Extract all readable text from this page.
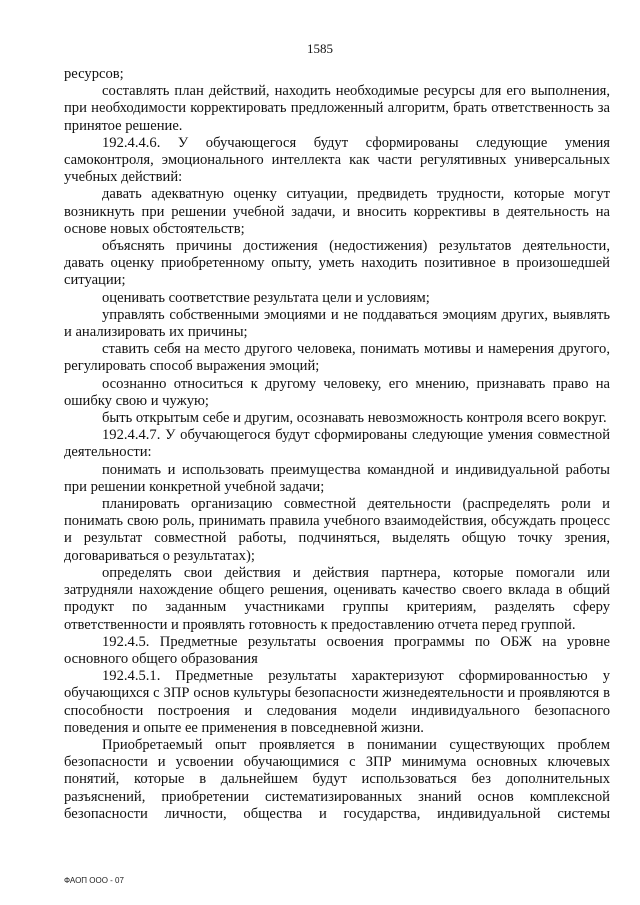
1585

ресурсов;

составлять план действий, находить необходимые ресурсы для его выполнения, при необходимости корректировать предложенный алгоритм, брать ответственность за принятое решение.

192.4.4.6. У обучающегося будут сформированы следующие умения самоконтроля, эмоционального интеллекта как части регулятивных универсальных учебных действий:

давать адекватную оценку ситуации, предвидеть трудности, которые могут возникнуть при решении учебной задачи, и вносить коррективы в деятельность на основе новых обстоятельств;

объяснять причины достижения (недостижения) результатов деятельности, давать оценку приобретенному опыту, уметь находить позитивное в произошедшей ситуации;

оценивать соответствие результата цели и условиям;

управлять собственными эмоциями и не поддаваться эмоциям других, выявлять и анализировать их причины;

ставить себя на место другого человека, понимать мотивы и намерения другого, регулировать способ выражения эмоций;

осознанно относиться к другому человеку, его мнению, признавать право на ошибку свою и чужую;

быть открытым себе и другим, осознавать невозможность контроля всего вокруг.

192.4.4.7. У обучающегося будут сформированы следующие умения совместной деятельности:

понимать и использовать преимущества командной и индивидуальной работы при решении конкретной учебной задачи;

планировать организацию совместной деятельности (распределять роли и понимать свою роль, принимать правила учебного взаимодействия, обсуждать процесс и результат совместной работы, подчиняться, выделять общую точку зрения, договариваться о результатах);

определять свои действия и действия партнера, которые помогали или затрудняли нахождение общего решения, оценивать качество своего вклада в общий продукт по заданным участниками группы критериям, разделять сферу ответственности и проявлять готовность к предоставлению отчета перед группой.

192.4.5. Предметные результаты освоения программы по ОБЖ на уровне основного общего образования

192.4.5.1. Предметные результаты характеризуют сформированностью у обучающихся с ЗПР основ культуры безопасности жизнедеятельности и проявляются в способности построения и следования модели индивидуального безопасного поведения и опыте ее применения в повседневной жизни.

Приобретаемый опыт проявляется в понимании существующих проблем безопасности и усвоении обучающимися с ЗПР минимума основных ключевых понятий, которые в дальнейшем будут использоваться без дополнительных разъяснений, приобретении систематизированных знаний основ комплексной безопасности личности, общества и государства, индивидуальной системы

ФАОП ООО - 07
